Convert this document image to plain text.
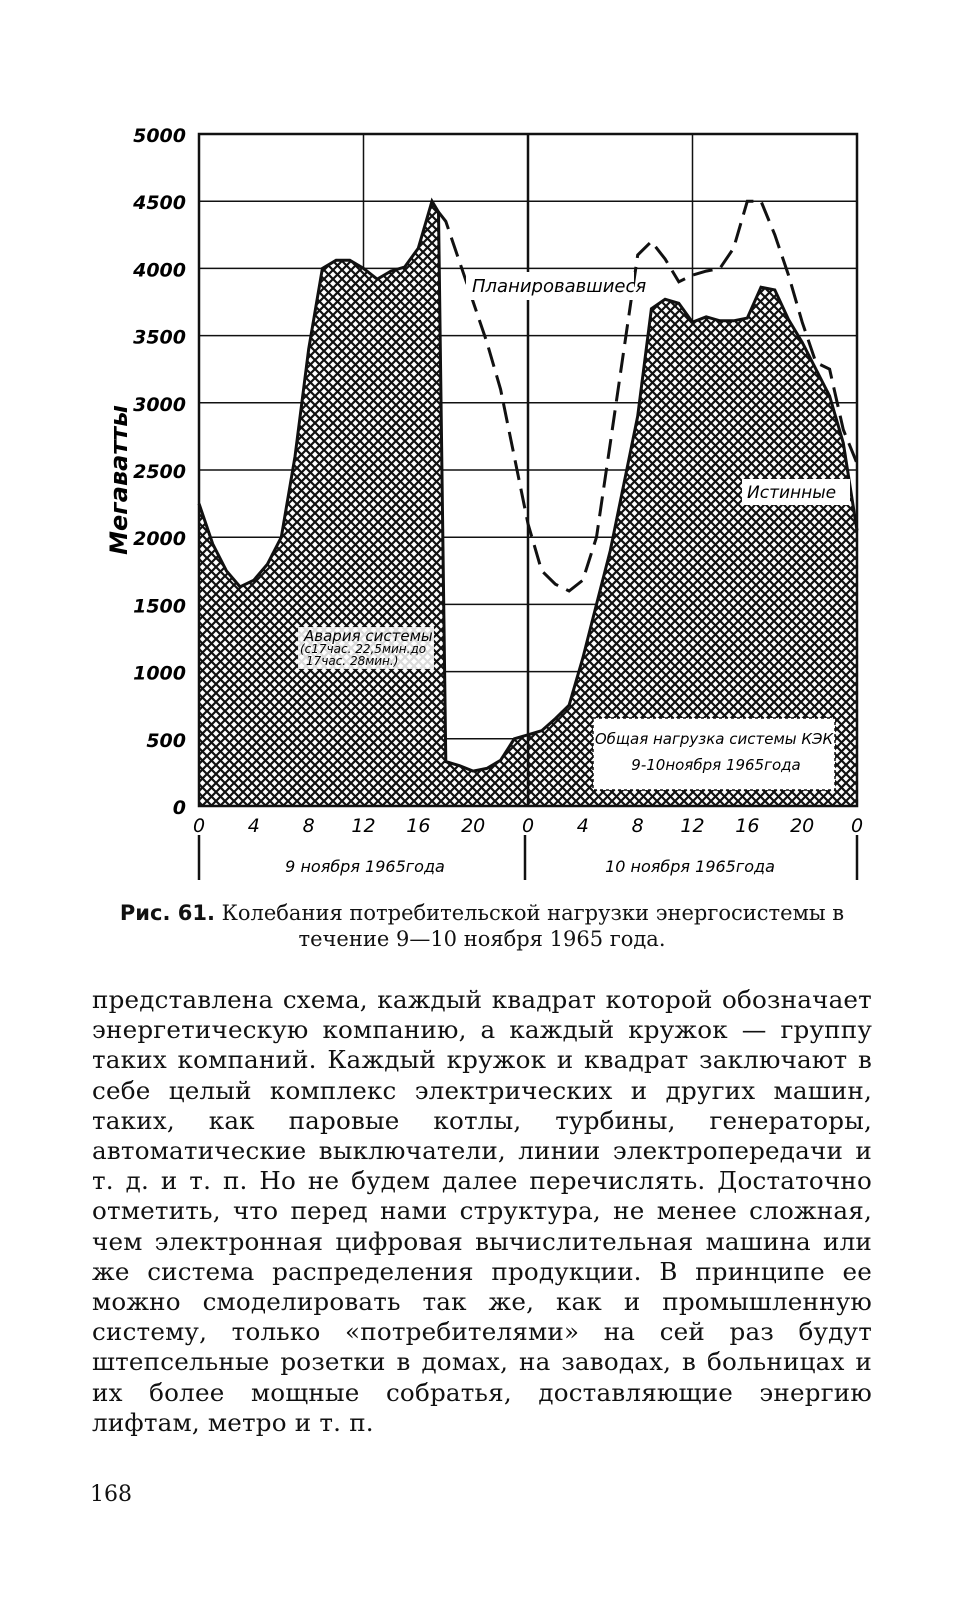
0
500
1000
1500
2000
2500
3000
3500
4000
4500
5000
0 4 8 12 16 20 0 4 8 12 16 20 0
Мегаватты
Планировавшиеся
Истинные
Авария системы
(с17час. 22,5мин.до
17час. 28мин.)
Общая нагрузка системы КЭК
9-10ноября 1965года
9 ноября 1965года	10 ноября 1965года
Рис. 61. Колебания потребительской нагрузки энергосистемы в течение 9—10 ноября 1965 года.
представлена схема, каждый квадрат которой обозначает энергетическую компанию, а каждый кружок — группу таких компаний. Каждый кружок и квадрат заключают в себе целый комплекс электрических и других машин, таких, как паровые котлы, турбины, генераторы, автоматические выключатели, линии электропередачи и т. д. и т. п. Но не будем далее перечислять. Достаточно отметить, что перед нами структура, не менее сложная, чем электронная цифровая вычислительная машина или же система распределения продукции. В принципе ее можно смоделировать так же, как и промышленную систему, только «потребителями» на сей раз будут штепсельные розетки в домах, на заводах, в больницах и их более мощные собратья, доставляющие энергию лифтам, метро и т. п.
168
